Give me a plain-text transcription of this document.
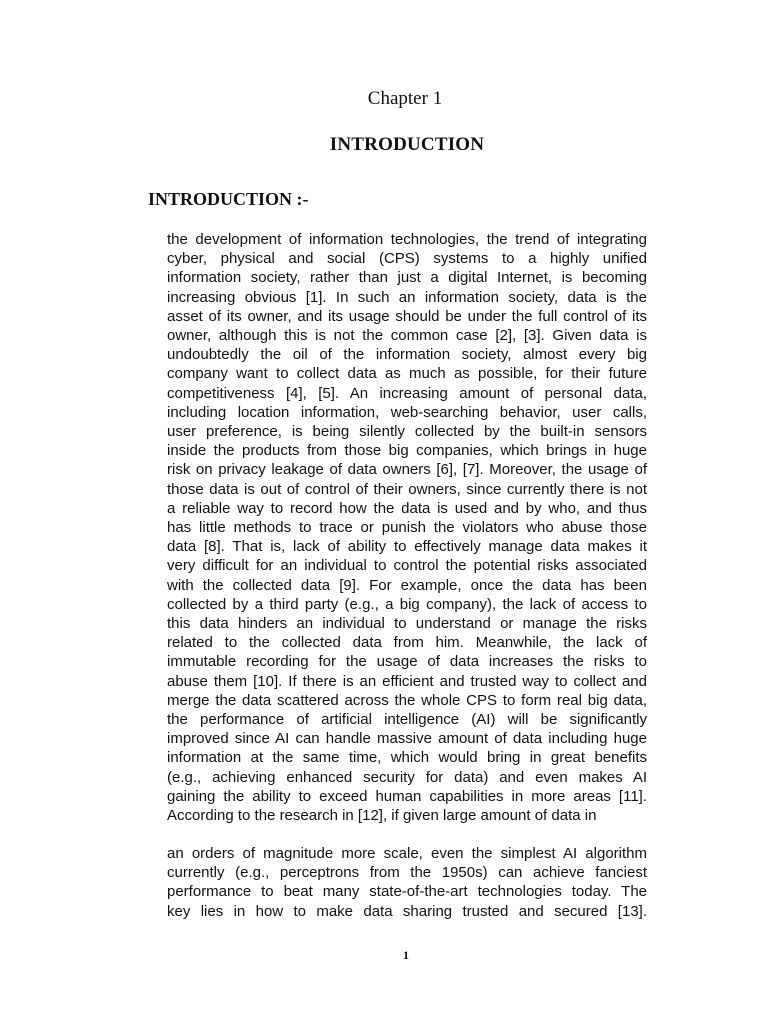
Chapter 1
INTRODUCTION
INTRODUCTION :-
the development of information technologies, the trend of integrating
cyber, physical and social (CPS) systems to a highly unified
information society, rather than just a digital Internet, is becoming
increasing obvious [1]. In such an information society, data is the
asset of its owner, and its usage should be under the full control of its
owner, although this is not the common case [2], [3]. Given data is
undoubtedly the oil of the information society, almost every big
company want to collect data as much as possible, for their future
competitiveness [4], [5]. An increasing amount of personal data,
including location information, web-searching behavior, user calls,
user preference, is being silently collected by the built-in sensors
inside the products from those big companies, which brings in huge
risk on privacy leakage of data owners [6], [7]. Moreover, the usage of
those data is out of control of their owners, since currently there is not
a reliable way to record how the data is used and by who, and thus
has little methods to trace or punish the violators who abuse those
data [8]. That is, lack of ability to effectively manage data makes it
very difficult for an individual to control the potential risks associated
with the collected data [9]. For example, once the data has been
collected by a third party (e.g., a big company), the lack of access to
this data hinders an individual to understand or manage the risks
related to the collected data from him. Meanwhile, the lack of
immutable recording for the usage of data increases the risks to
abuse them [10]. If there is an efficient and trusted way to collect and
merge the data scattered across the whole CPS to form real big data,
the performance of artificial intelligence (AI) will be significantly
improved since AI can handle massive amount of data including huge
information at the same time, which would bring in great benefits
(e.g., achieving enhanced security for data) and even makes AI
gaining the ability to exceed human capabilities in more areas [11].
According to the research in [12], if given large amount of data in
an orders of magnitude more scale, even the simplest AI algorithm
currently (e.g., perceptrons from the 1950s) can achieve fanciest
performance to beat many state-of-the-art technologies today. The
key lies in how to make data sharing trusted and secured [13].
1
